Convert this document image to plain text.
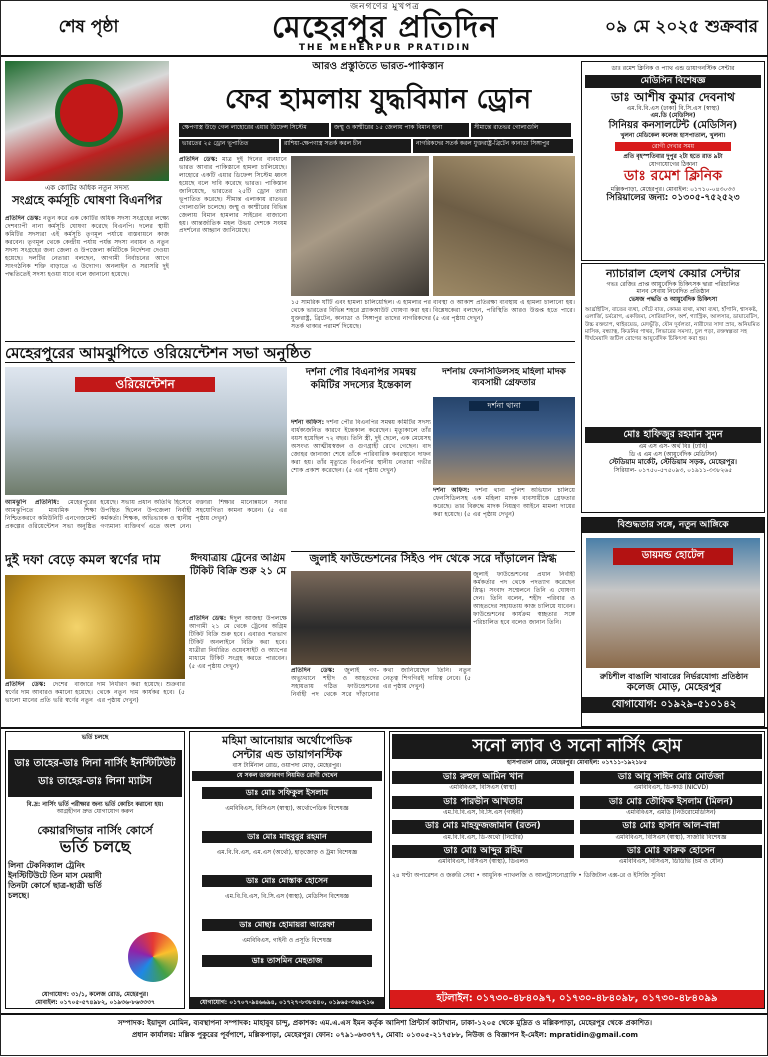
শেষ পৃষ্ঠা
জনগণের মুখপত্র
মেহেরপুর প্রতিদিন
THE MEHERPUR PRATIDIN
০৯ মে ২০২৫ শুক্রবার
এক কোটির অধিক নতুন সদস্য
সংগ্রহে কর্মসূচি ঘোষণা বিএনপির
প্রতিদিন ডেস্ক: নতুন করে এক কোটির অধিক সদস্য সংগ্রহের লক্ষ্যে দেশব্যাপী নানা কর্মসূচি ঘোষণা করেছে বিএনপি। দলের স্থায়ী কমিটির সদস্যরা এই কর্মসূচি তৃণমূল পর্যায়ে বাস্তবায়নে কাজ করবেন। তৃণমূল থেকে কেন্দ্রীয় পর্যায় পর্যন্ত সদস্য নবায়ন ও নতুন সদস্য সংগ্রহের জন্য জেলা ও উপজেলা কমিটিকে নির্দেশনা দেওয়া হয়েছে। দলটির নেতারা বলছেন, আগামী নির্বাচনের আগে সাংগঠনিক শক্তি বাড়াতে এ উদ্যোগ। অনলাইন ও সরাসরি দুই পদ্ধতিতেই সদস্য হওয়া যাবে বলে জানানো হয়েছে।
আরও প্রস্তুতিতে ভারত-পাকিস্তান
ফের হামলায় যুদ্ধবিমান ড্রোন
ক্ষেপণাস্ত্র উড়ে গেল লাহোরের এয়ার ডিফেন্স সিস্টেম	জম্মু ও কাশ্মীরের ১৫ জেলায় পাক বিমান হানা	সীমান্তে রাতভর গোলাগুলি
ভারতের ২৫ ড্রোন ভূপাতিত	রাশিয়া-ক্ষেপণাস্ত্র সতর্ক করল চীন	নাগরিকদের সতর্ক করল যুক্তরাষ্ট্র-ব্রিটেন কানাডা সিঙ্গাপুর
প্রতিদিন ডেস্ক: মাত্র দুই দিনের ব্যবধানে ভারত আবার পাকিস্তানে হামলা চালিয়েছে। লাহোরে একটি এয়ার ডিফেন্স সিস্টেম ধ্বংস হয়েছে বলে দাবি করেছে ভারত। পাকিস্তান জানিয়েছে, ভারতের ২৫টি ড্রোন তারা ভূপাতিত করেছে। সীমান্ত এলাকায় রাতভর গোলাগুলি চলেছে। জম্মু ও কাশ্মীরের বিভিন্ন জেলায় বিমান হামলার সাইরেন বাজানো হয়। আন্তর্জাতিক মহল উভয় দেশকে সংযম প্রদর্শনের আহ্বান জানিয়েছে।
১৫ সামরিক ঘাঁটি এবং হামলা চালিয়েছিল। এ হামলার পর থেকে ভারতের বিভিন্ন শহরে ব্ল্যাকআউট ঘোষণা করা হয়। যুক্তরাষ্ট্র, ব্রিটেন, কানাডা ও সিঙ্গাপুর তাদের নাগরিকদের সতর্ক থাকার পরামর্শ দিয়েছে।
ব্যবস্থা ও আকাশ প্রতিরক্ষা ব্যবস্থায় এ হামলা চালানো হয়। বিশ্লেষকেরা বলছেন, পরিস্থিতি আরও উত্তপ্ত হতে পারে। (৫ এর পৃষ্ঠায় দেখুন)
ডাঃ রমেশ ক্লিনিক ও প্যাথ এন্ড ডায়াগনস্টিক সেন্টার
মেডিসিন বিশেষজ্ঞ
ডাঃ আশীষ কুমার দেবনাথ
এম.বি.বি.এস (ঢাকা) বি.সি.এস (স্বাস্থ্য)
এম.ডি (মেডিসিন)
সিনিয়র কনসালটেন্ট (মেডিসিন)
খুলনা মেডিকেল কলেজ হাসপাতাল, খুলনা।
রোগী দেখার সময়
প্রতি বৃহস্পতিবার দুপুর ২টা হতে রাত ৯টা
যোগাযোগের ঠিকানা
ডাঃ রমেশ ক্লিনিক
মল্লিকপাড়া, মেহেরপুর। মোবাইল: ০১৭১০-০৪৩০৩৩
সিরিয়ালের জন্য: ০১৩০৫-৭৫২৫২৩
ন্যাচারাল হেলথ কেয়ার সেন্টার
গভঃ রেজিঃ প্রাপ্ত আয়ুর্বেদিক চিকিৎসক দ্বারা পরিচালিত
মানব সেবায় নিবেদিত প্রতিষ্ঠান
ভেষজ পদ্ধতি ও আয়ুর্বেদিক চিকিৎসা
আর্থ্রাইটিস, বাতের ব্যথা, গেঁটে বাত, কোমর ব্যথা, মাথা ব্যথা, হাঁপানি, শ্বাসকষ্ট, এলার্জি, চর্মরোগ, একজিমা, সোরিয়াসিস, অর্শ, গ্যাস্ট্রিক, আলসার, ডায়াবেটিস, উচ্চ রক্তচাপ, থাইরয়েড, মেদভুঁড়ি, যৌন দুর্বলতা, নারীদের সাদা স্রাব, অনিয়মিত মাসিক, বন্ধ্যাত্ব, কিডনির পাথর, লিভারের সমস্যা, চুল পড়া, রক্তস্বল্পতা সহ দীর্ঘমেয়াদি জটিল রোগের আয়ুর্বেদিক চিকিৎসা করা হয়।
মোঃ হাফিজুর রহমান সুমন
এম এস এস- অর্থ বিঃ (ঢাবি)
ডি এ এম এস (আয়ুর্বেদিক মেডিসিন)
স্টেডিয়াম মার্কেট, স্টেডিয়াম সড়ক, মেহেরপুর।
সিরিয়াল- ০১৭৫০-৫৭৫০৯৩, ০১৯১১-৩৩৮২৬৫
বিশুদ্ধতার সঙ্গে, নতুন আঙ্গিকে
ডায়মন্ড হোটেল
রুচিশীল বাঙালি খাবারের নির্ভরযোগ্য প্রতিষ্ঠান
কলেজ মোড়, মেহেরপুর
যোগাযোগ: ০১৯২৯-৫১০১৪২
মেহেরপুরের আমঝুপিতে ওরিয়েন্টেশন সভা অনুষ্ঠিত
ওরিয়েন্টেশন
আমঝুপি প্রতিনিধি: মেহেরপুরের আমঝুপিতে মাধ্যমিক শিক্ষা নিশ্চিতকরণে কমিউনিটি এনগেজমেন্ট প্রকল্পের ওরিয়েন্টেশন সভা অনুষ্ঠিত হয়েছে। সভায় প্রধান অতিথি হিসেবে উপস্থিত ছিলেন উপজেলা নির্বাহী কর্মকর্তা। শিক্ষক, অভিভাবক ও স্থানীয় গণ্যমান্য ব্যক্তিবর্গ এতে অংশ নেন। বক্তারা শিক্ষার মানোন্নয়নে সবার সহযোগিতা কামনা করেন। (৫ এর পৃষ্ঠায় দেখুন)
দর্শনা পৌর বিএনপির সমন্বয় কমিটির সদস্যের ইন্তেকাল
দর্শনা অফিস: দর্শনা পৌর বিএনপির সমন্বয় কমিটির সদস্য বার্ধক্যজনিত কারণে ইন্তেকাল করেছেন। মৃত্যুকালে তাঁর বয়স হয়েছিল ৭২ বছর। তিনি স্ত্রী, দুই ছেলে, এক মেয়েসহ অসংখ্য আত্মীয়স্বজন ও গুণগ্রাহী রেখে গেছেন। বাদ জোহর জানাজা শেষে তাঁকে পারিবারিক কবরস্থানে দাফন করা হয়। তাঁর মৃত্যুতে বিএনপির স্থানীয় নেতারা গভীর শোক প্রকাশ করেছেন। (৫ এর পৃষ্ঠায় দেখুন)
দর্শনায় ফেনসিডিলসহ মহিলা মাদক ব্যবসায়ী গ্রেফতার
দর্শনা থানা
দর্শনা অফিস: দর্শনা থানা পুলিশ অভিযান চালিয়ে ফেনসিডিলসহ এক মহিলা মাদক ব্যবসায়ীকে গ্রেফতার করেছে। তার বিরুদ্ধে মাদক নিয়ন্ত্রণ আইনে মামলা দায়ের করা হয়েছে। (৫ এর পৃষ্ঠায় দেখুন)
জুলাই ফাউন্ডেশনের সিইও পদ থেকে সরে দাঁড়ালেন স্নিগ্ধ
জুলাই ফাউন্ডেশনের প্রধান নির্বাহী কর্মকর্তার পদ থেকে পদত্যাগ করেছেন স্নিগ্ধ। সংবাদ সম্মেলনে তিনি এ ঘোষণা দেন। তিনি বলেন, শহীদ পরিবার ও আহতদের সহায়তায় কাজ চালিয়ে যাবেন। ফাউন্ডেশনের কার্যক্রম স্বচ্ছতার সঙ্গে পরিচালিত হবে বলেও জানান তিনি।
প্রতিদিন ডেস্ক: জুলাই গণ-অভ্যুত্থানে শহীদ ও আহতদের সহায়তায় গঠিত ফাউন্ডেশনের নির্বাহী পদ থেকে সরে দাঁড়ানোর কথা জানিয়েছেন তিনি। নতুন নেতৃত্ব শিগগিরই দায়িত্ব নেবে। (৫ এর পৃষ্ঠায় দেখুন)
দুই দফা বেড়ে কমল স্বর্ণের দাম
প্রতিদিন ডেস্ক: দেশের বাজারে স্বর্ণের দাম আবারও কমানো হয়েছে। ভালো মানের প্রতি ভরি স্বর্ণের নতুন দাম নির্ধারণ করা হয়েছে। শুক্রবার থেকে নতুন দাম কার্যকর হবে। (৫ এর পৃষ্ঠায় দেখুন)
ঈদযাত্রায় ট্রেনের অগ্রিম টিকিট বিক্রি শুরু ২১ মে
প্রতিদিন ডেস্ক: ঈদুল আজহা উপলক্ষে আগামী ২১ মে থেকে ট্রেনের অগ্রিম টিকিট বিক্রি শুরু হবে। এবারও শতভাগ টিকিট অনলাইনে বিক্রি করা হবে। যাত্রীরা নির্ধারিত ওয়েবসাইট ও অ্যাপের মাধ্যমে টিকিট সংগ্রহ করতে পারবেন। (৫ এর পৃষ্ঠায় দেখুন)
ভর্তি চলছে
ডাঃ তাহের-ডাঃ লিনা নার্সিং ইনস্টিটিউট
ডাঃ তাহের-ডাঃ লিনা ম্যাটস
বি.দ্র: নার্সিং ভর্তি পরীক্ষার জন্য ভর্তি কোচিং করানো হয়।
আগ্রহীগন দ্রুত যোগাযোগ করুন
কেয়ারগিভার নার্সিং কোর্সে
ভর্তি চলছে
লিনা টেকনিক্যাল ট্রেনিং ইনস্টিটিউটে তিন মাস মেয়াদী তিনটা কোর্সে ছাত্র-ছাত্রী ভর্তি চলছে।
যোগাযোগ: ৩১/১, কলেজ রোড, মেহেরপুর।
মোবাইল: ০১৭০৫-৫৭৪৯৮২, ০১৯৩৬-৮৬৩৩৩৭
মহিমা আনোয়ার অর্থোপেডিক
সেন্টার এন্ড ডায়াগনস্টিক
বাস টার্মিনাল রোড, ওয়াপদা মোড়, মেহেরপুর।
যে সকল ডাক্তারগণ নিয়মিত রোগী দেখেন
ডাঃ মোঃ সফিকুল ইসলাম
এমবিবিএস, বিসিএস (স্বাস্থ্য), অর্থোপেডিক বিশেষজ্ঞ
ডাঃ মোঃ মাহবুবুর রহমান
এম.বি.বি.এস, এম.এস (অর্থো), হাড়জোড় ও ট্রমা বিশেষজ্ঞ
ডাঃ মোঃ মোস্তাক হোসেন
এম.বি.বি.এস, বি.সি.এস (স্বাস্থ্য), মেডিসিন বিশেষজ্ঞ
ডাঃ মোছাঃ হোমায়রা আরেফা
এমবিবিএস, গাইনী ও প্রসূতি বিশেষজ্ঞ
ডাঃ তাসমিন মেহতাজ
যোগাযোগ: ০১৭০৭-৯৪৬৬৯৪, ০১৭২৭-৮৩৮৫৪০, ০১৯৬৫-৩৬৮২১৬
সনো ল্যাব ও সনো নার্সিং হোম
হাসপাতাল রোড, মেহেরপুর। মোবাইল: ০১৭১১-১৯২১৮৫
ডাঃ রুহুল আমিন খান
এমবিবিএস, বিসিএস (স্বাস্থ্য)
ডাঃ আবু সাঈদ মোঃ মোর্তজা
এমবিবিএস, ডি-কার্ড (NICVD)
ডাঃ পারভীন আখতার
এম.বি.বি.এস, বি.সি.এস (গাইনী)
ডাঃ মোঃ তৌফিক ইসলাম (মিলন)
এমবিবিএস, এমডি (নিউরোমেডিসিন)
ডাঃ মোঃ মাহফুজজামান (রতন)
এম.বি.বি.এস, ডি-অর্থো (নিটোর)
ডাঃ মোঃ হাসান আল-বান্না
এমবিবিএস, বিসিএস (স্বাস্থ্য), সার্জারি বিশেষজ্ঞ
ডাঃ মোঃ আব্দুর রহিম
এমবিবিএস, বিসিএস (স্বাস্থ্য), ডিএলও
ডাঃ মোঃ ফারুক হোসেন
এমবিবিএস, বিসিএস, ডিডিভি (চর্ম ও যৌন)
২৪ ঘণ্টা অপারেশন ও জরুরি সেবা • আধুনিক প্যাথলজি ও আলট্রাসনোগ্রাফি • ডিজিটাল এক্স-রে ও ইসিজি সুবিধা
হটলাইন: ০১৭৩০-৪৮৪০৯৭, ০১৭৩০-৪৮৪০৯৮, ০১৭৩০-৪৮৪০৯৯
সম্পাদক: ইয়াদুল মোমিন, ব্যবস্থাপনা সম্পাদক: মাহাবুব চান্দু, প্রকাশক: এম.এ.এস ইমন কর্তৃক আনিশা প্রিন্টার্স কাটাখান, ঢাকা-১২০৫ থেকে মুদ্রিত ও মল্লিকপাড়া, মেহেরপুর থেকে প্রকাশিত।
প্রধান কার্যালয়: মল্লিক পুকুরের পূর্বপাশে, মল্লিকপাড়া, মেহেরপুর। ফোন: ০৭৯১-৬৩৩৭৭, মোবা: ০১৩০৫-২১৭৫৮৮, নিউজ ও বিজ্ঞাপন ই-মেইল: mpratidin@gmail.com
